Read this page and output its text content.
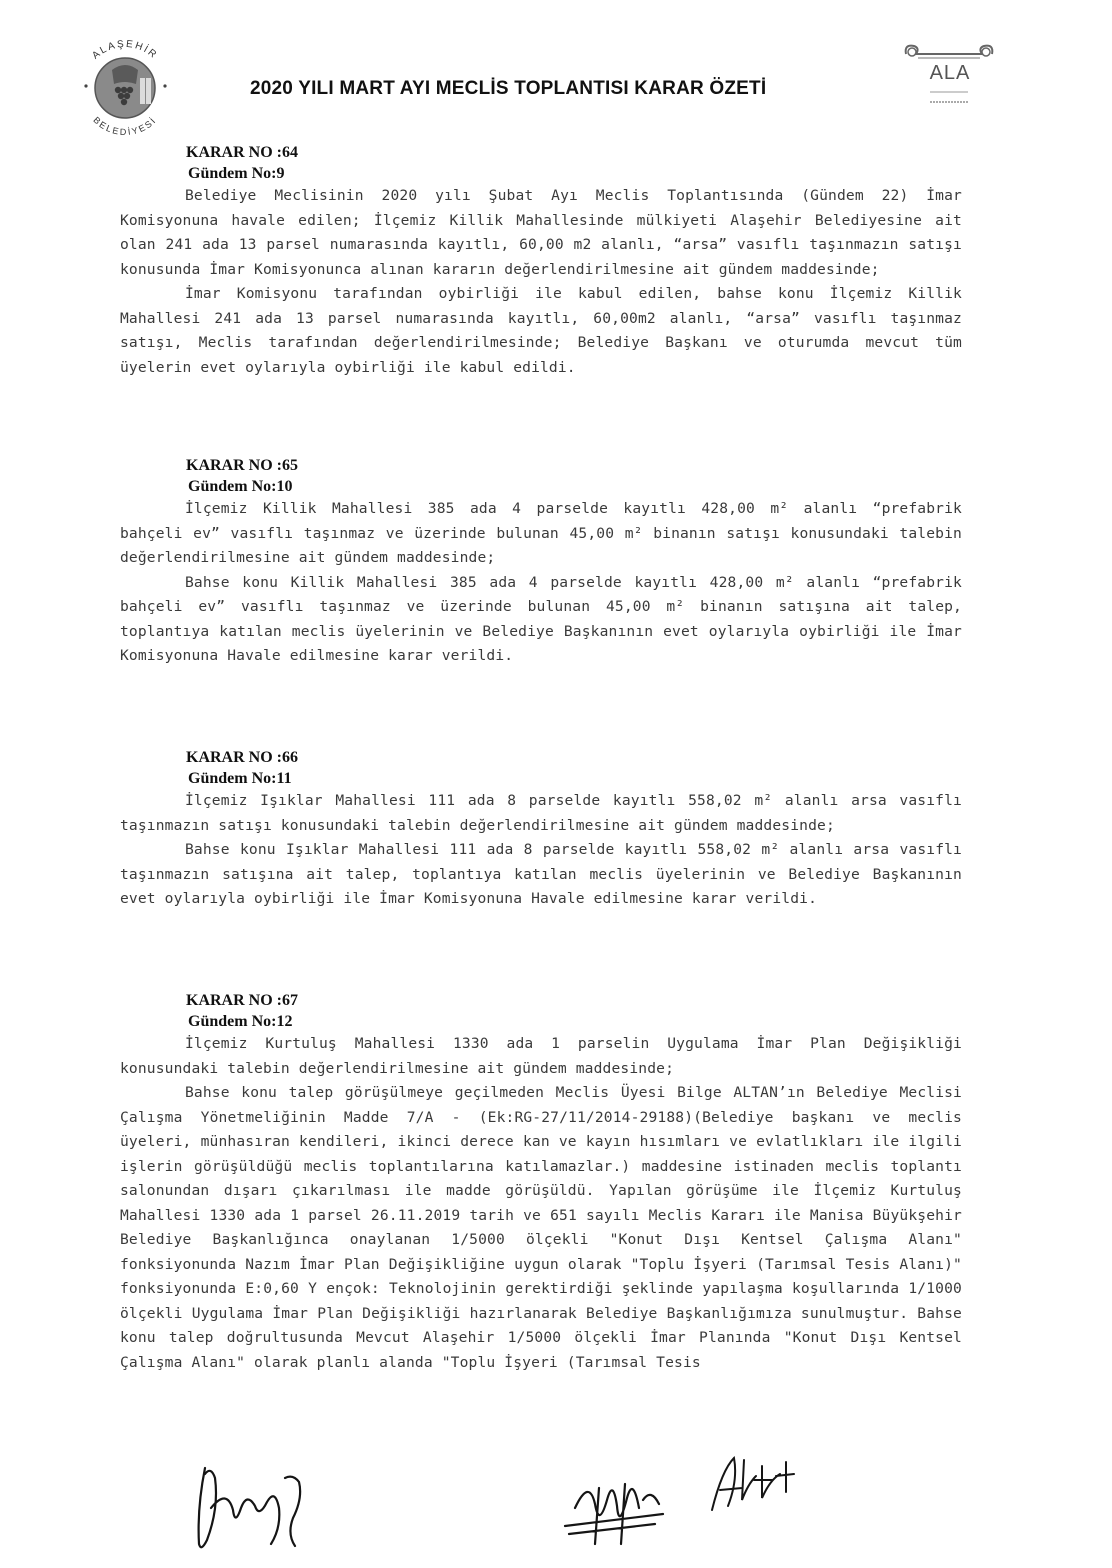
ALAŞEHİR
BELEDİYESİ
ALA
2020 YILI MART AYI MECLİS TOPLANTISI KARAR ÖZETİ
KARAR NO :64
Gündem No:9

Belediye Meclisinin 2020 yılı Şubat Ayı Meclis Toplantısında (Gündem 22) İmar Komisyonuna havale edilen; İlçemiz Killik Mahallesinde mülkiyeti Alaşehir Belediyesine ait olan 241 ada 13 parsel numarasında kayıtlı, 60,00 m2 alanlı, “arsa” vasıflı taşınmazın satışı konusunda İmar Komisyonunca alınan kararın değerlendirilmesine ait gündem maddesinde;

İmar Komisyonu tarafından oybirliği ile kabul edilen, bahse konu İlçemiz Killik Mahallesi 241 ada 13 parsel numarasında kayıtlı, 60,00m2 alanlı, “arsa” vasıflı taşınmaz satışı, Meclis tarafından değerlendirilmesinde; Belediye Başkanı ve oturumda mevcut tüm üyelerin evet oylarıyla oybirliği ile kabul edildi.

KARAR NO :65
Gündem No:10

İlçemiz Killik Mahallesi 385 ada 4 parselde kayıtlı 428,00 m² alanlı “prefabrik bahçeli ev” vasıflı taşınmaz ve üzerinde bulunan 45,00 m² binanın satışı konusundaki talebin değerlendirilmesine ait gündem maddesinde;

Bahse konu Killik Mahallesi 385 ada 4 parselde kayıtlı 428,00 m² alanlı “prefabrik bahçeli ev” vasıflı taşınmaz ve üzerinde bulunan 45,00 m² binanın satışına ait talep, toplantıya katılan meclis üyelerinin ve Belediye Başkanının evet oylarıyla oybirliği ile İmar Komisyonuna Havale edilmesine karar verildi.

KARAR NO :66
Gündem No:11

İlçemiz Işıklar Mahallesi 111 ada 8 parselde kayıtlı 558,02 m² alanlı arsa vasıflı taşınmazın satışı konusundaki talebin değerlendirilmesine ait gündem maddesinde;

Bahse konu Işıklar Mahallesi 111 ada 8 parselde kayıtlı 558,02 m² alanlı arsa vasıflı taşınmazın satışına ait talep, toplantıya katılan meclis üyelerinin ve Belediye Başkanının evet oylarıyla oybirliği ile İmar Komisyonuna Havale edilmesine karar verildi.

KARAR NO :67
Gündem No:12

İlçemiz Kurtuluş Mahallesi 1330 ada 1 parselin Uygulama İmar Plan Değişikliği konusundaki talebin değerlendirilmesine ait gündem maddesinde;

Bahse konu talep görüşülmeye geçilmeden Meclis Üyesi Bilge ALTAN’ın Belediye Meclisi Çalışma Yönetmeliğinin Madde 7/A - (Ek:RG-27/11/2014-29188)(Belediye başkanı ve meclis üyeleri, münhasıran kendileri, ikinci derece kan ve kayın hısımları ve evlatlıkları ile ilgili işlerin görüşüldüğü meclis toplantılarına katılamazlar.) maddesine istinaden meclis toplantı salonundan dışarı çıkarılması ile madde görüşüldü. Yapılan görüşüme ile İlçemiz Kurtuluş Mahallesi 1330 ada 1 parsel 26.11.2019 tarih ve 651 sayılı Meclis Kararı ile Manisa Büyükşehir Belediye Başkanlığınca onaylanan 1/5000 ölçekli "Konut Dışı Kentsel Çalışma Alanı" fonksiyonunda Nazım İmar Plan Değişikliğine uygun olarak "Toplu İşyeri (Tarımsal Tesis Alanı)" fonksiyonunda E:0,60 Y ençok: Teknolojinin gerektirdiği şeklinde yapılaşma koşullarında 1/1000 ölçekli Uygulama İmar Plan Değişikliği hazırlanarak Belediye Başkanlığımıza sunulmuştur. Bahse konu talep doğrultusunda Mevcut Alaşehir 1/5000 ölçekli İmar Planında "Konut Dışı Kentsel Çalışma Alanı" olarak planlı alanda "Toplu İşyeri (Tarımsal Tesis
